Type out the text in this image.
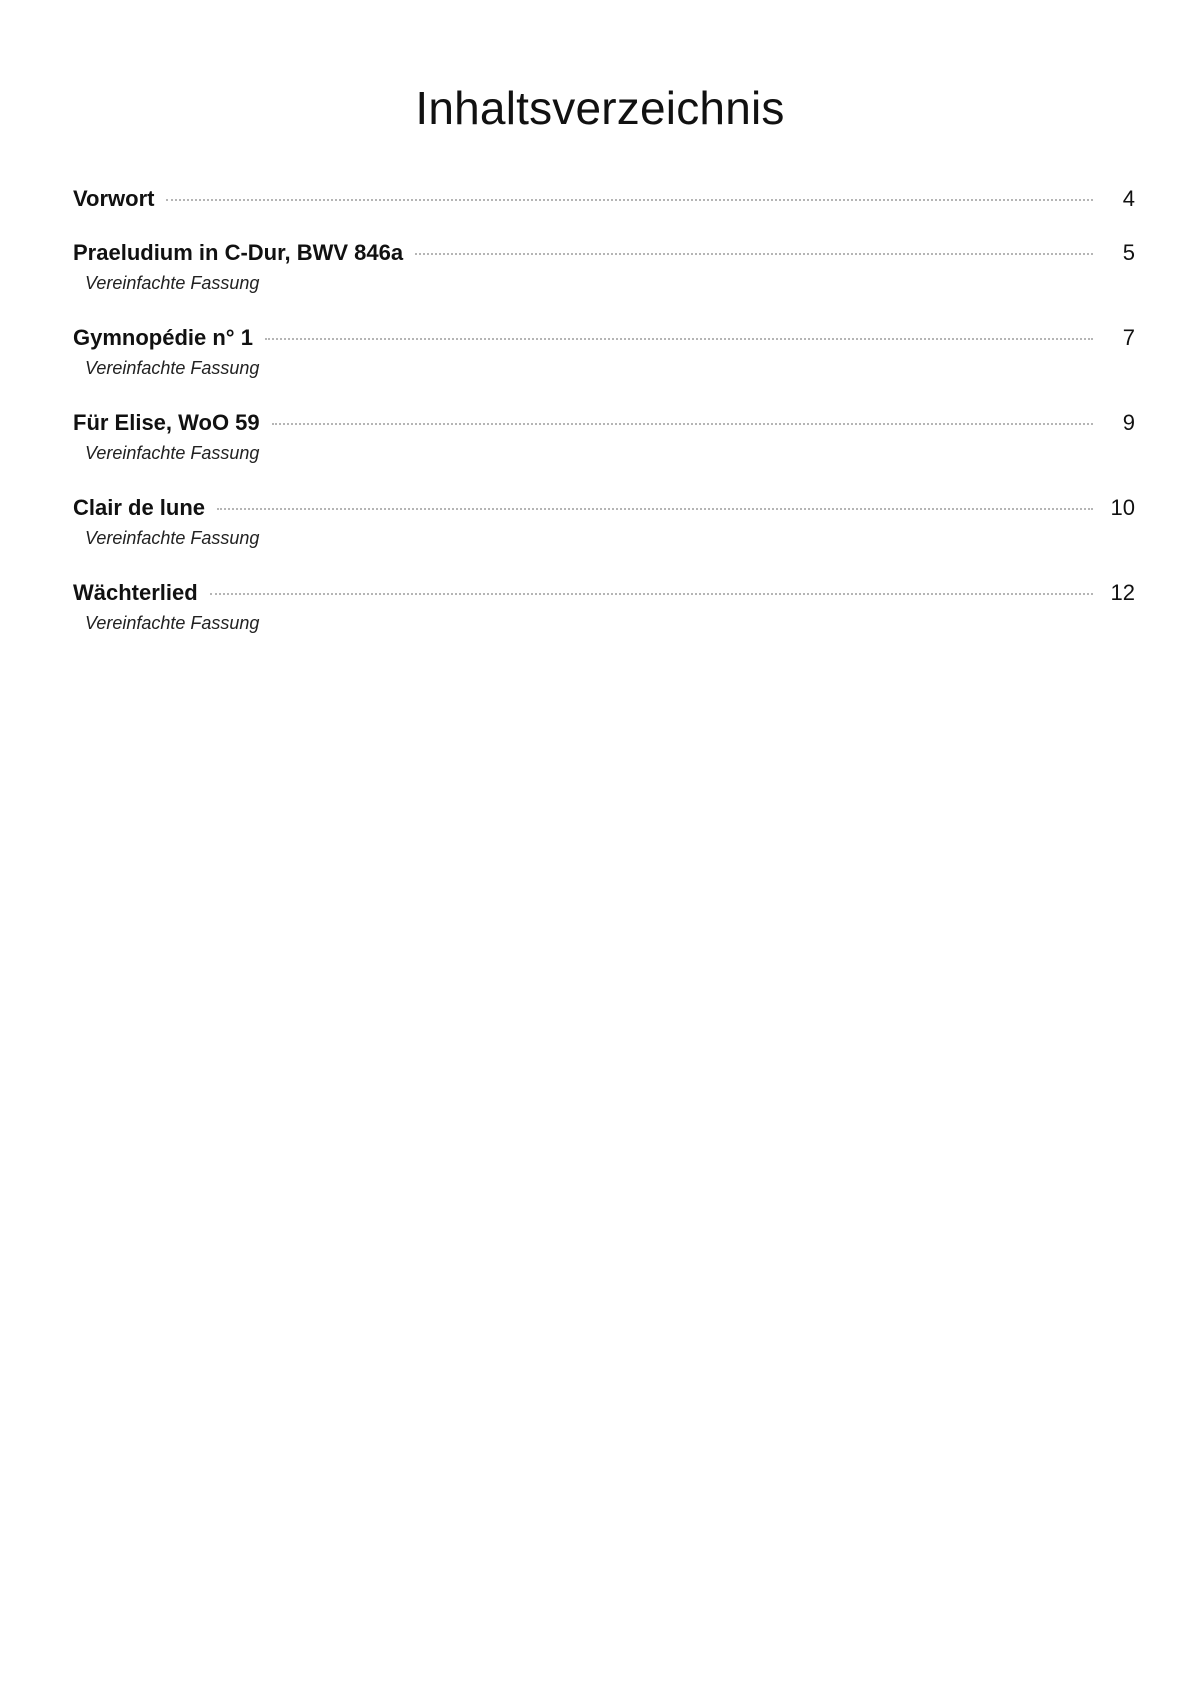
Inhaltsverzeichnis
Vorwort	4
Praeludium in C-Dur, BWV 846a	5
Vereinfachte Fassung
Gymnopédie n° 1	7
Vereinfachte Fassung
Für Elise, WoO 59	9
Vereinfachte Fassung
Clair de lune	10
Vereinfachte Fassung
Wächterlied	12
Vereinfachte Fassung
